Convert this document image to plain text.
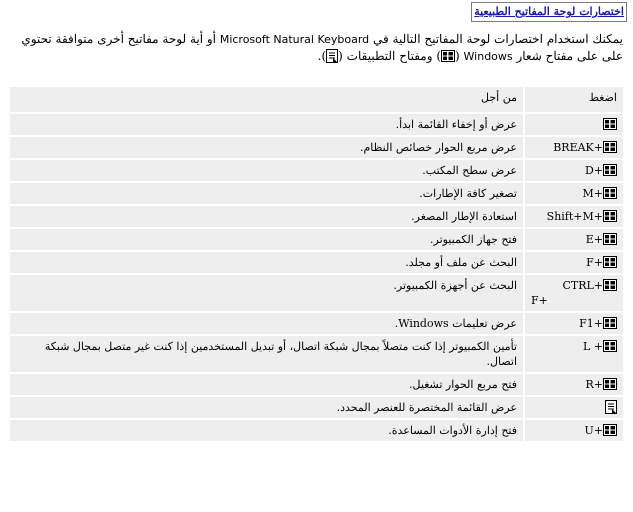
اختصارات لوحة المفاتيح الطبيعية
يمكنك استخدام اختصارات لوحة المفاتيح التالية في Microsoft Natural Keyboard أو أية لوحة مفاتيح أخرى متوافقة تحتوي على على مفتاح شعار Windows (
) ومفتاح التطبيقات ().
اضغط	من أجل

	عرض أو إخفاء القائمة ابدأ.
BREAK+	عرض مربع الحوار خصائص النظام.
D+	عرض سطح المكتب.
M+	تصغير كافة الإطارات.
Shift+M+	استعادة الإطار المصغر.
E+	فتح جهاز الكمبيوتر.
F+	البحث عن ملف أو مجلد.
CTRL+
F+	البحث عن أجهزة الكمبيوتر.
F1+	عرض تعليمات Windows.
L +	تأمين الكمبيوتر إذا كنت متصلاً بمجال شبكة اتصال، أو تبديل المستخدمين إذا كنت غير متصل بمجال شبكة اتصال.
R+	فتح مربع الحوار تشغيل.
	عرض القائمة المختصرة للعنصر المحدد.
U+	فتح إدارة الأدوات المساعدة.
